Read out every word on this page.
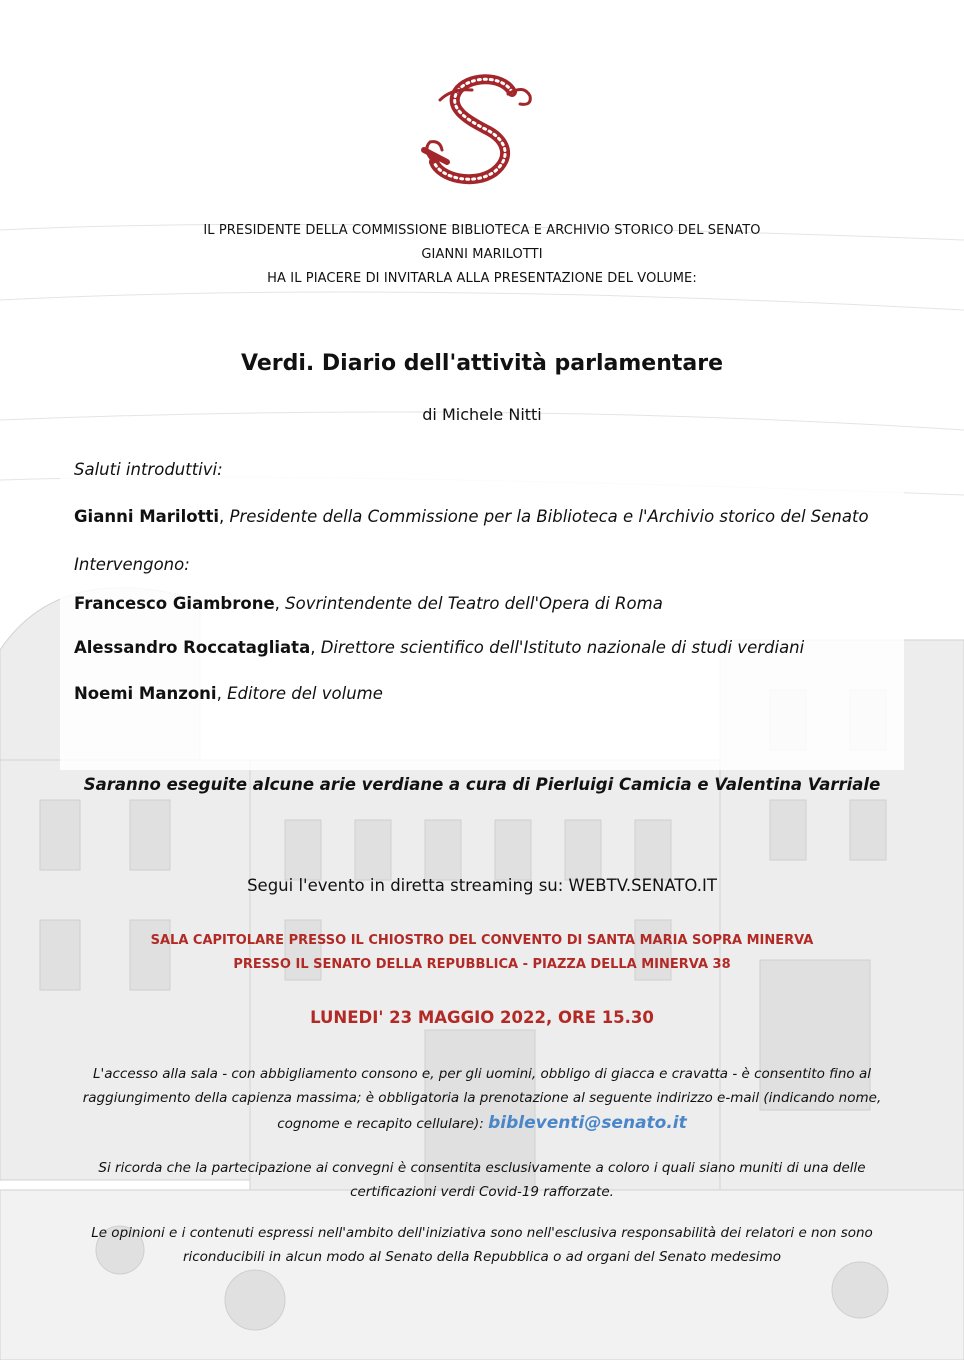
IL PRESIDENTE DELLA COMMISSIONE BIBLIOTECA E ARCHIVIO STORICO DEL SENATO
GIANNI MARILOTTI
HA IL PIACERE DI INVITARLA ALLA PRESENTAZIONE DEL VOLUME:
Verdi. Diario dell'attività parlamentare
di Michele Nitti
Saluti introduttivi:
Gianni Marilotti, Presidente della Commissione per la Biblioteca e l'Archivio storico del Senato
Intervengono:
Francesco Giambrone, Sovrintendente del Teatro dell'Opera di Roma
Alessandro Roccatagliata, Direttore scientifico dell'Istituto nazionale di studi verdiani
Noemi Manzoni, Editore del volume
Saranno eseguite alcune arie verdiane a cura di Pierluigi Camicia e Valentina Varriale
Segui l'evento in diretta streaming su: WEBTV.SENATO.IT
SALA CAPITOLARE PRESSO IL CHIOSTRO DEL CONVENTO DI SANTA MARIA SOPRA MINERVA
PRESSO IL SENATO DELLA REPUBBLICA - PIAZZA DELLA MINERVA 38
LUNEDI' 23 MAGGIO 2022, ORE 15.30
L'accesso alla sala - con abbigliamento consono e, per gli uomini, obbligo di giacca e cravatta - è consentito fino al
raggiungimento della capienza massima; è obbligatoria la prenotazione al seguente indirizzo e-mail (indicando nome,
cognome e recapito cellulare): bibleventi@senato.it
Si ricorda che la partecipazione ai convegni è consentita esclusivamente a coloro i quali siano muniti di una delle
certificazioni verdi Covid-19 rafforzate.
Le opinioni e i contenuti espressi nell'ambito dell'iniziativa sono nell'esclusiva responsabilità dei relatori e non sono
riconducibili in alcun modo al Senato della Repubblica o ad organi del Senato medesimo
